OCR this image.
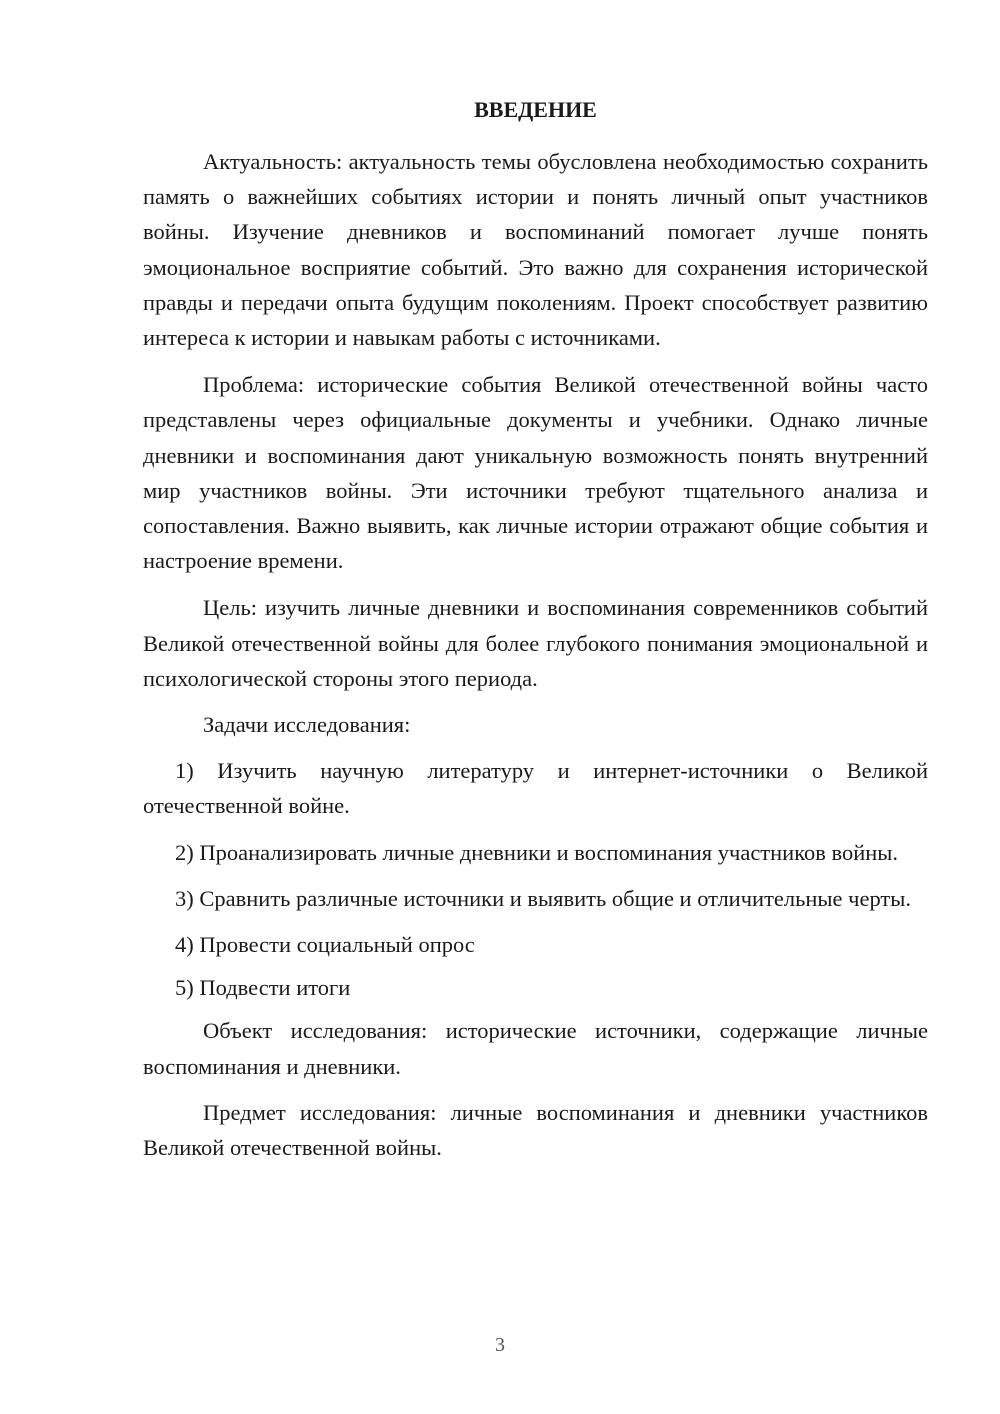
ВВЕДЕНИЕ

Актуальность: актуальность темы обусловлена необходимостью сохранить память о важнейших событиях истории и понять личный опыт участников войны. Изучение дневников и воспоминаний помогает лучше понять эмоциональное восприятие событий. Это важно для сохранения исторической правды и передачи опыта будущим поколениям. Проект способствует развитию интереса к истории и навыкам работы с источниками.

Проблема: исторические события Великой отечественной войны часто представлены через официальные документы и учебники. Однако личные дневники и воспоминания дают уникальную возможность понять внутренний мир участников войны. Эти источники требуют тщательного анализа и сопоставления. Важно выявить, как личные истории отражают общие события и настроение времени.

Цель: изучить личные дневники и воспоминания современников событий Великой отечественной войны для более глубокого понимания эмоциональной и психологической стороны этого периода.

Задачи исследования:

1) Изучить научную литературу и интернет-источники о Великой отечественной войне.

2) Проанализировать личные дневники и воспоминания участников войны.

3) Сравнить различные источники и выявить общие и отличительные черты.

4) Провести социальный опрос

5) Подвести итоги

Объект исследования: исторические источники, содержащие личные воспоминания и дневники.

Предмет исследования: личные воспоминания и дневники участников Великой отечественной войны.

3
